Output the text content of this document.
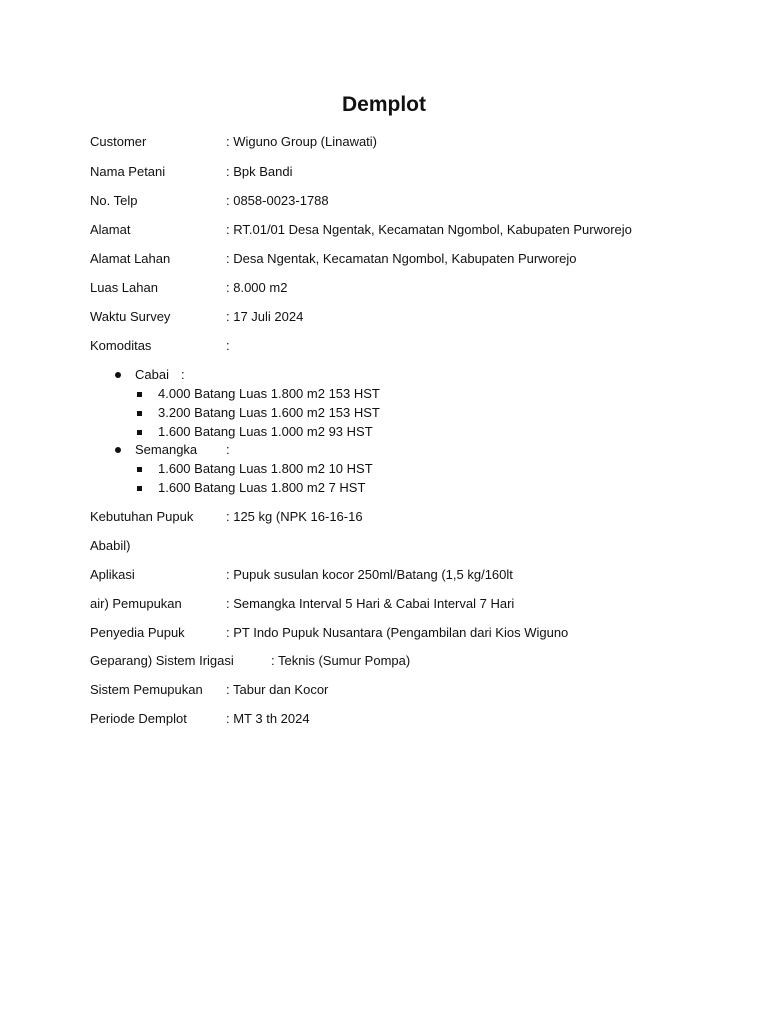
Demplot
Customer	: Wiguno Group (Linawati)
Nama Petani	: Bpk Bandi
No. Telp	: 0858-0023-1788
Alamat	: RT.01/01 Desa Ngentak, Kecamatan Ngombol, Kabupaten Purworejo
Alamat Lahan	: Desa Ngentak, Kecamatan Ngombol, Kabupaten Purworejo
Luas Lahan	: 8.000 m2
Waktu Survey	: 17 Juli 2024
Komoditas	:
Cabai :
4.000 Batang Luas 1.800 m2 153 HST
3.200 Batang Luas 1.600 m2 153 HST
1.600 Batang Luas 1.000 m2 93 HST
Semangka :
1.600 Batang Luas 1.800 m2 10 HST
1.600 Batang Luas 1.800 m2 7 HST
Kebutuhan Pupuk	: 125 kg (NPK 16-16-16
Ababil)
Aplikasi	: Pupuk susulan kocor 250ml/Batang (1,5 kg/160lt
air) Pemupukan	: Semangka Interval 5 Hari & Cabai Interval 7 Hari
Penyedia Pupuk	: PT Indo Pupuk Nusantara (Pengambilan dari Kios Wiguno
Geparang) Sistem Irigasi	: Teknis (Sumur Pompa)
Sistem Pemupukan : Tabur dan Kocor
Periode Demplot	: MT 3 th 2024
